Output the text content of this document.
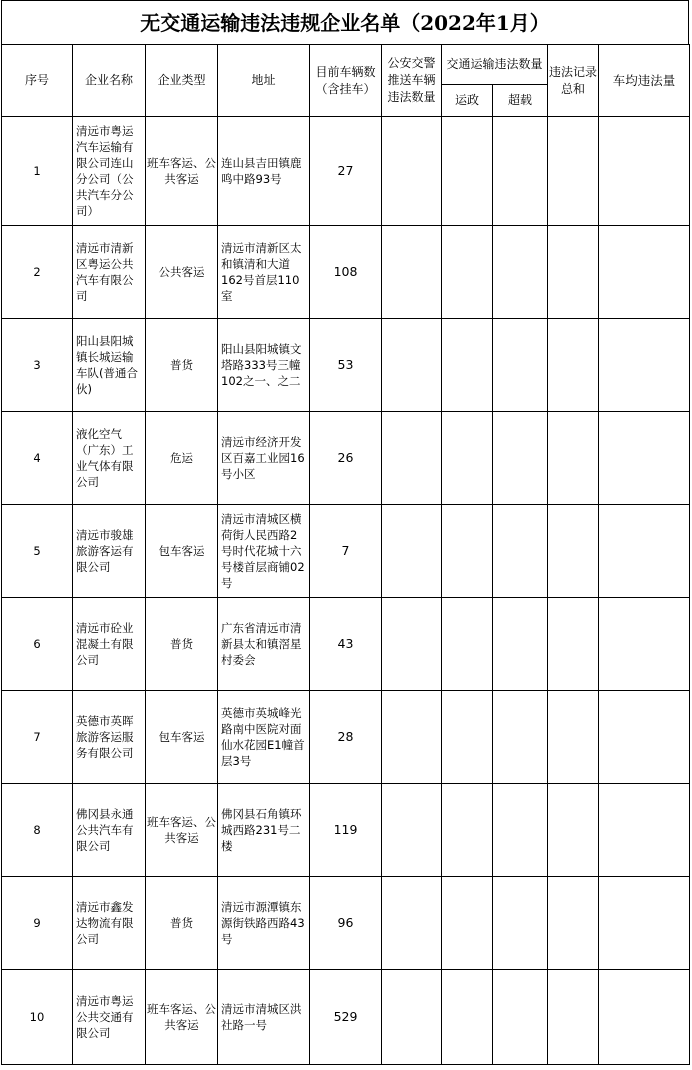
无交通运输违法违规企业名单（2022年1月）
序号	企业名称	企业类型	地址	目前车辆数（含挂车）	公安交警推送车辆违法数量	交通运输违法数量		违法记录总和	车均违法量
						运政	超载		
1	清远市粤运汽车运输有限公司连山分公司（公共汽车分公司）	班车客运、公共客运	连山县吉田镇鹿鸣中路93号	27					
2	清远市清新区粤运公共汽车有限公司	公共客运	清远市清新区太和镇清和大道162号首层110室	108					
3	阳山县阳城镇长城运输车队(普通合伙)	普货	阳山县阳城镇文塔路333号三幢102之一、之二	53					
4	液化空气（广东）工业气体有限公司	危运	清远市经济开发区百嘉工业园16号小区	26					
5	清远市骏雄旅游客运有限公司	包车客运	清远市清城区横荷街人民西路2号时代花城十六号楼首层商铺02号	7					
6	清远市砼业混凝土有限公司	普货	广东省清远市清新县太和镇滘星村委会	43					
7	英德市英晖旅游客运服务有限公司	包车客运	英德市英城峰光路南中医院对面仙水花园E1幢首层3号	28					
8	佛冈县永通公共汽车有限公司	班车客运、公共客运	佛冈县石角镇环城西路231号二楼	119					
9	清远市鑫发达物流有限公司	普货	清远市源潭镇东源街铁路西路43号	96					
10	清远市粤运公共交通有限公司	班车客运、公共客运	清远市清城区洪社路一号	529					
